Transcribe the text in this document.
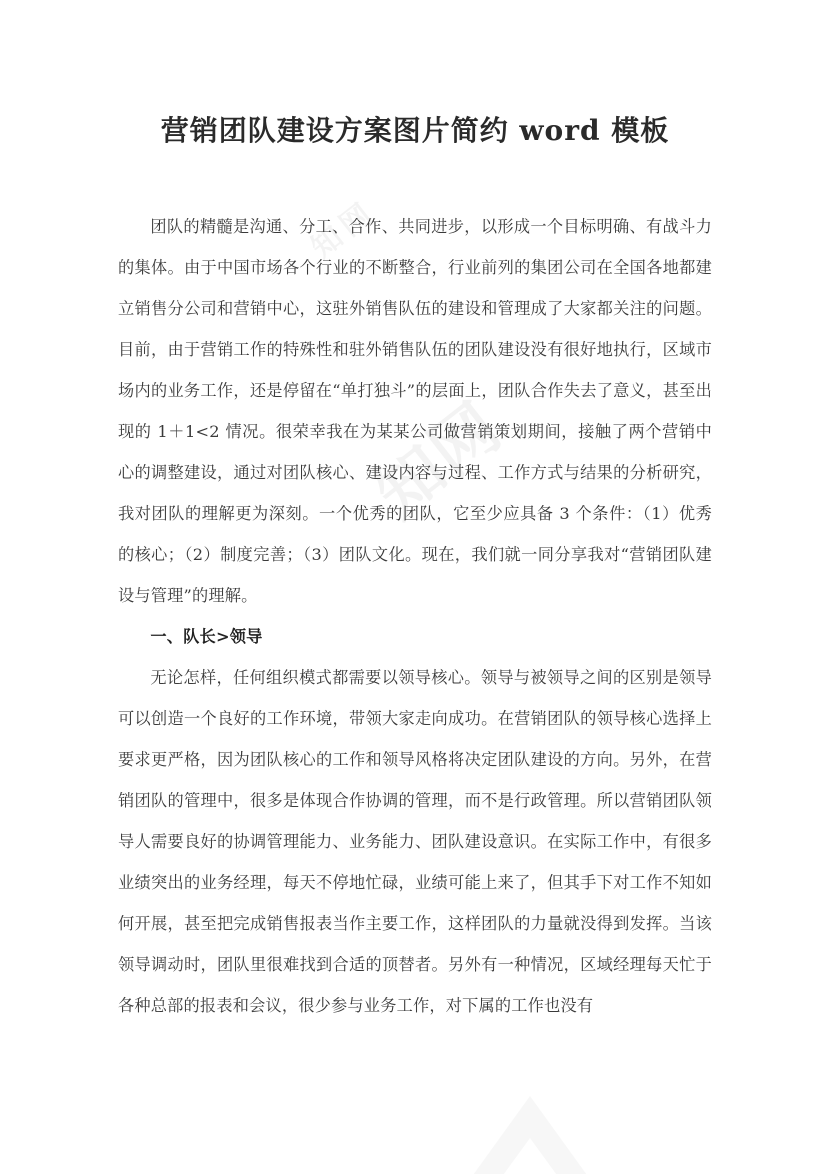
营销团队建设方案图片简约 word 模板

团队的精髓是沟通、分工、合作、共同进步，以形成一个目标明确、有战斗力的集体。由于中国市场各个行业的不断整合，行业前列的集团公司在全国各地都建立销售分公司和营销中心，这驻外销售队伍的建设和管理成了大家都关注的问题。目前，由于营销工作的特殊性和驻外销售队伍的团队建设没有很好地执行，区域市场内的业务工作，还是停留在“单打独斗”的层面上，团队合作失去了意义，甚至出现的 1＋1<2 情况。很荣幸我在为某某公司做营销策划期间，接触了两个营销中心的调整建设，通过对团队核心、建设内容与过程、工作方式与结果的分析研究，我对团队的理解更为深刻。一个优秀的团队，它至少应具备 3 个条件：（1）优秀的核心；（2）制度完善；（3）团队文化。现在，我们就一同分享我对“营销团队建设与管理”的理解。

一、队长>领导

无论怎样，任何组织模式都需要以领导核心。领导与被领导之间的区别是领导可以创造一个良好的工作环境，带领大家走向成功。在营销团队的领导核心选择上要求更严格，因为团队核心的工作和领导风格将决定团队建设的方向。另外，在营销团队的管理中，很多是体现合作协调的管理，而不是行政管理。所以营销团队领导人需要良好的协调管理能力、业务能力、团队建设意识。在实际工作中，有很多业绩突出的业务经理，每天不停地忙碌，业绩可能上来了，但其手下对工作不知如何开展，甚至把完成销售报表当作主要工作，这样团队的力量就没得到发挥。当该领导调动时，团队里很难找到合适的顶替者。另外有一种情况，区域经理每天忙于各种总部的报表和会议，很少参与业务工作，对下属的工作也没有
